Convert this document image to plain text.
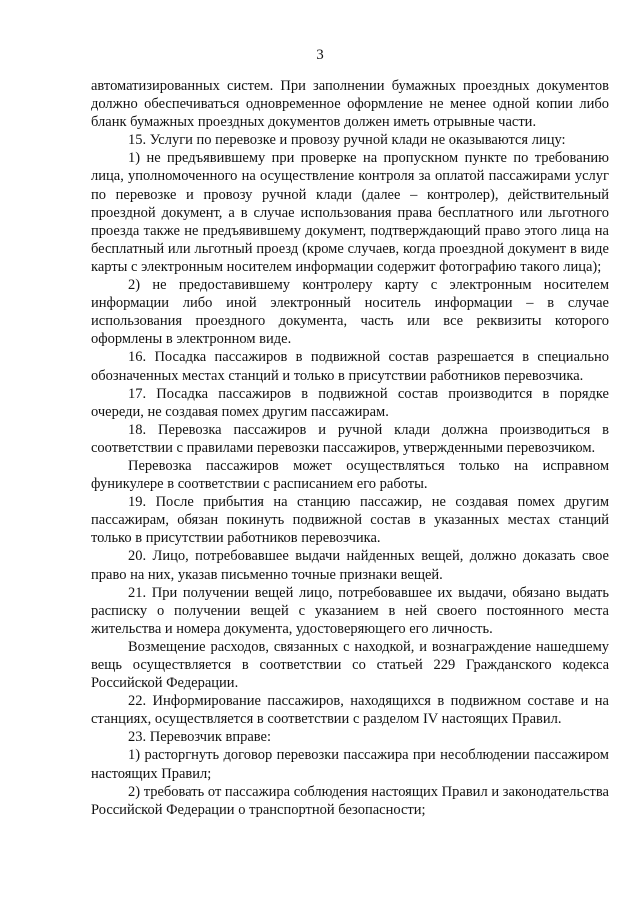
3

автоматизированных систем. При заполнении бумажных проездных документов должно обеспечиваться одновременное оформление не менее одной копии либо бланк бумажных проездных документов должен иметь отрывные части.

15. Услуги по перевозке и провозу ручной клади не оказываются лицу:

1) не предъявившему при проверке на пропускном пункте по требованию лица, уполномоченного на осуществление контроля за оплатой пассажирами услуг по перевозке и провозу ручной клади (далее – контролер), действительный проездной документ, а в случае использования права бесплатного или льготного проезда также не предъявившему документ, подтверждающий право этого лица на бесплатный или льготный проезд (кроме случаев, когда проездной документ в виде карты с электронным носителем информации содержит фотографию такого лица);

2) не предоставившему контролеру карту с электронным носителем информации либо иной электронный носитель информации – в случае использования проездного документа, часть или все реквизиты которого оформлены в электронном виде.

16. Посадка пассажиров в подвижной состав разрешается в специально обозначенных местах станций и только в присутствии работников перевозчика.

17. Посадка пассажиров в подвижной состав производится в порядке очереди, не создавая помех другим пассажирам.

18. Перевозка пассажиров и ручной клади должна производиться в соответствии с правилами перевозки пассажиров, утвержденными перевозчиком.

Перевозка пассажиров может осуществляться только на исправном фуникулере в соответствии с расписанием его работы.

19. После прибытия на станцию пассажир, не создавая помех другим пассажирам, обязан покинуть подвижной состав в указанных местах станций только в присутствии работников перевозчика.

20. Лицо, потребовавшее выдачи найденных вещей, должно доказать свое право на них, указав письменно точные признаки вещей.

21. При получении вещей лицо, потребовавшее их выдачи, обязано выдать расписку о получении вещей с указанием в ней своего постоянного места жительства и номера документа, удостоверяющего его личность.

Возмещение расходов, связанных с находкой, и вознаграждение нашедшему вещь осуществляется в соответствии со статьей 229 Гражданского кодекса Российской Федерации.

22. Информирование пассажиров, находящихся в подвижном составе и на станциях, осуществляется в соответствии с разделом IV настоящих Правил.

23. Перевозчик вправе:

1) расторгнуть договор перевозки пассажира при несоблюдении пассажиром настоящих Правил;

2) требовать от пассажира соблюдения настоящих Правил и законодательства Российской Федерации о транспортной безопасности;
